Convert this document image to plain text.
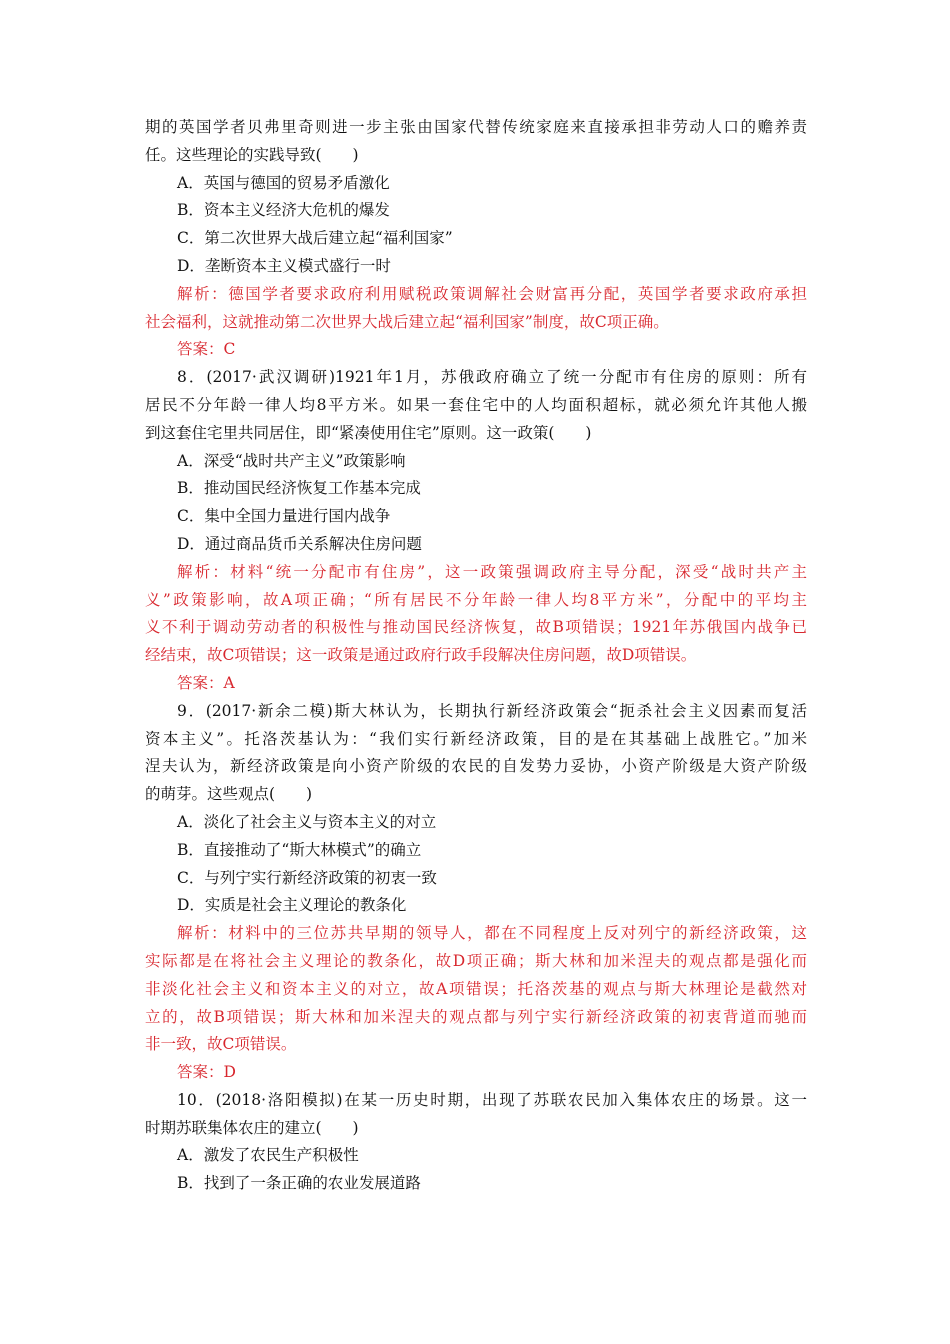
期的英国学者贝弗里奇则进一步主张由国家代替传统家庭来直接承担非劳动人口的赡养责
任。这些理论的实践导致(　　)
A．英国与德国的贸易矛盾激化
B．资本主义经济大危机的爆发
C．第二次世界大战后建立起“福利国家”
D．垄断资本主义模式盛行一时
解析：德国学者要求政府利用赋税政策调解社会财富再分配，英国学者要求政府承担
社会福利，这就推动第二次世界大战后建立起“福利国家”制度，故C项正确。
答案：C
8．(2017·武汉调研)1921年1月，苏俄政府确立了统一分配市有住房的原则：所有
居民不分年龄一律人均8平方米。如果一套住宅中的人均面积超标，就必须允许其他人搬
到这套住宅里共同居住，即“紧凑使用住宅”原则。这一政策(　　)
A．深受“战时共产主义”政策影响
B．推动国民经济恢复工作基本完成
C．集中全国力量进行国内战争
D．通过商品货币关系解决住房问题
解析：材料“统一分配市有住房”，这一政策强调政府主导分配，深受“战时共产主
义”政策影响，故A项正确；“所有居民不分年龄一律人均8平方米”，分配中的平均主
义不利于调动劳动者的积极性与推动国民经济恢复，故B项错误；1921年苏俄国内战争已
经结束，故C项错误；这一政策是通过政府行政手段解决住房问题，故D项错误。
答案：A
9．(2017·新余二模)斯大林认为，长期执行新经济政策会“扼杀社会主义因素而复活
资本主义”。托洛茨基认为：“我们实行新经济政策，目的是在其基础上战胜它。”加米
涅夫认为，新经济政策是向小资产阶级的农民的自发势力妥协，小资产阶级是大资产阶级
的萌芽。这些观点(　　)
A．淡化了社会主义与资本主义的对立
B．直接推动了“斯大林模式”的确立
C．与列宁实行新经济政策的初衷一致
D．实质是社会主义理论的教条化
解析：材料中的三位苏共早期的领导人，都在不同程度上反对列宁的新经济政策，这
实际都是在将社会主义理论的教条化，故D项正确；斯大林和加米涅夫的观点都是强化而
非淡化社会主义和资本主义的对立，故A项错误；托洛茨基的观点与斯大林理论是截然对
立的，故B项错误；斯大林和加米涅夫的观点都与列宁实行新经济政策的初衷背道而驰而
非一致，故C项错误。
答案：D
10．(2018·洛阳模拟)在某一历史时期，出现了苏联农民加入集体农庄的场景。这一
时期苏联集体农庄的建立(　　)
A．激发了农民生产积极性
B．找到了一条正确的农业发展道路
